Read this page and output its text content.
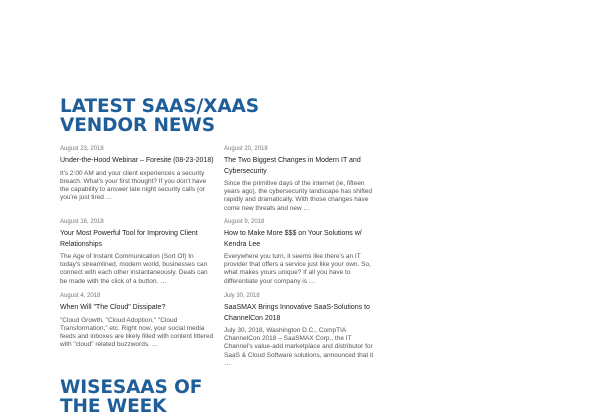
LATEST SAAS/XAAS VENDOR NEWS
August 23, 2018
Under-the-Hood Webinar – Foresite (08-23-2018)
It's 2:00 AM and your client experiences a security breach. What's your first thought? If you don't have the capability to answer late night security calls (or you're just tired …
August 20, 2018
The Two Biggest Changes in Modern IT and Cybersecurity
Since the primitive days of the internet (ie, fifteen years ago), the cybersecurity landscape has shifted rapidly and dramatically. With those changes have come new threats and new …
August 16, 2018
Your Most Powerful Tool for Improving Client Relationships
The Age of Instant Communication (Sort Of) In today's streamlined, modern world, businesses can connect with each other instantaneously. Deals can be made with the click of a button. …
August 9, 2018
How to Make More $$$ on Your Solutions w/ Kendra Lee
Everywhere you turn, it seems like there's an IT provider that offers a service just like your own. So, what makes yours unique? If all you have to differentiate your company is …
August 4, 2018
When Will "The Cloud" Dissipate?
"Cloud Growth, "Cloud Adoption," "Cloud Transformation," etc. Right now, your social media feeds and inboxes are likely filled with content littered with "cloud" related buzzwords. …
July 30, 2018
SaaSMAX Brings Innovative SaaS-Solutions to ChannelCon 2018
July 30, 2018, Washington D.C., CompTIA ChannelCon 2018 – SaaSMAX Corp., the IT Channel's value-add marketplace and distributor for SaaS & Cloud Software solutions, announced that it …
WISESAAS OF THE WEEK
